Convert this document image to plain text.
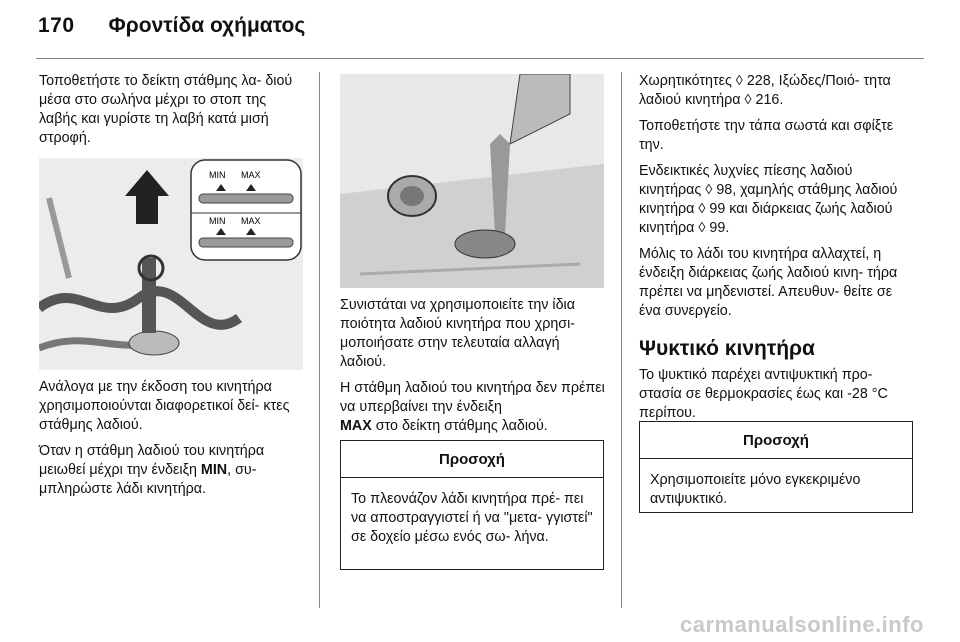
170 Φροντίδα οχήματος

Τοποθετήστε το δείκτη στάθμης λα- διού μέσα στο σωλήνα μέχρι το στοπ της λαβής και γυρίστε τη λαβή κατά μισή στροφή.

MIN MAX
MIN MAX

Ανάλογα με την έκδοση του κινητήρα χρησιμοποιούνται διαφορετικοί δεί- κτες στάθμης λαδιού.

Όταν η στάθμη λαδιού του κινητήρα μειωθεί μέχρι την ένδειξη MIN, συ- μπληρώστε λάδι κινητήρα.

Συνιστάται να χρησιμοποιείτε την ίδια ποιότητα λαδιού κινητήρα που χρησι- μοποιήσατε στην τελευταία αλλαγή λαδιού.

Η στάθμη λαδιού του κινητήρα δεν πρέπει να υπερβαίνει την ένδειξη
MAX στο δείκτη στάθμης λαδιού.

Προσοχή
Το πλεονάζον λάδι κινητήρα πρέ- πει να αποστραγγιστεί ή να "μετα- γγιστεί" σε δοχείο μέσω ενός σω- λήνα.

Χωρητικότητες ◊ 228, Ιξώδες/Ποιό- τητα λαδιού κινητήρα ◊ 216.

Τοποθετήστε την τάπα σωστά και σφίξτε την.

Ενδεικτικές λυχνίες πίεσης λαδιού κινητήρας ◊ 98, χαμηλής στάθμης λαδιού κινητήρα ◊ 99 και διάρκειας ζωής λαδιού κινητήρα ◊ 99.

Μόλις το λάδι του κινητήρα αλλαχτεί, η ένδειξη διάρκειας ζωής λαδιού κινη- τήρα πρέπει να μηδενιστεί. Απευθυν- θείτε σε ένα συνεργείο.

Ψυκτικό κινητήρα

Το ψυκτικό παρέχει αντιψυκτική προ- στασία σε θερμοκρασίες έως και -28 °C περίπου.

Προσοχή
Χρησιμοποιείτε μόνο εγκεκριμένο αντιψυκτικό.
carmanualsonline.info
